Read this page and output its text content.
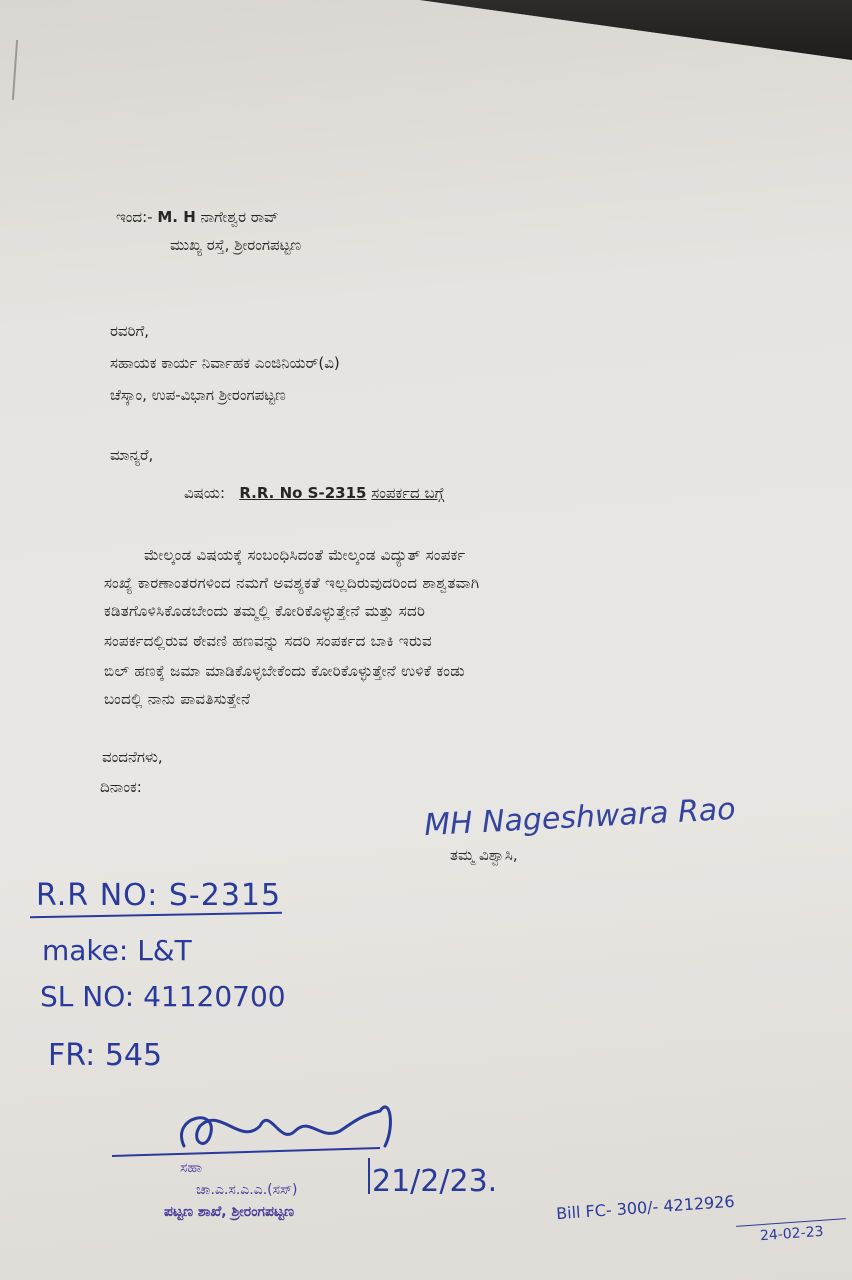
ಇಂದ:- M. H ನಾಗೇಶ್ವರ ರಾವ್
ಮುಖ್ಯ ರಸ್ತೆ, ಶ್ರೀರಂಗಪಟ್ಟಣ
ರವರಿಗೆ,
ಸಹಾಯಕ ಕಾರ್ಯ ನಿರ್ವಾಹಕ ಎಂಜಿನಿಯರ್(ವಿ)
ಚೆಸ್ಕಾಂ, ಉಪ-ವಿಭಾಗ ಶ್ರೀರಂಗಪಟ್ಟಣ
ಮಾನ್ಯರೆ,
ವಿಷಯ: R.R. No S-2315 ಸಂಪರ್ಕದ ಬಗ್ಗೆ
ಮೇಲ್ಕಂಡ ವಿಷಯಕ್ಕೆ ಸಂಬಂಧಿಸಿದಂತೆ ಮೇಲ್ಕಂಡ ವಿದ್ಯುತ್ ಸಂಪರ್ಕ
ಸಂಖ್ಯೆ ಕಾರಣಾಂತರಗಳಿಂದ ನಮಗೆ ಅವಶ್ಯಕತೆ ಇಲ್ಲದಿರುವುದರಿಂದ ಶಾಶ್ವತವಾಗಿ
ಕಡಿತಗೊಳಿಸಿಕೊಡಬೇಂದು ತಮ್ಮಲ್ಲಿ ಕೋರಿಕೊಳ್ಳುತ್ತೇನೆ ಮತ್ತು ಸದರಿ
ಸಂಪರ್ಕದಲ್ಲಿರುವ ಠೇವಣಿ ಹಣವನ್ನು ಸದರಿ ಸಂಪರ್ಕದ ಬಾಕಿ ಇರುವ
ಬಿಲ್ ಹಣಕ್ಕೆ ಜಮಾ ಮಾಡಿಕೊಳ್ಳಬೇಕೆಂದು ಕೋರಿಕೊಳ್ಳುತ್ತೇನೆ ಉಳಿಕೆ ಕಂಡು
ಬಂದಲ್ಲಿ ನಾನು ಪಾವತಿಸುತ್ತೇನೆ
ವಂದನೆಗಳು,
ದಿನಾಂಕ:
MH Nageshwara Rao
ತಮ್ಮ ವಿಶ್ವಾಸಿ,
R.R NO: S-2315
make: L&T
SL NO: 41120700
FR: 545
ಸಹಾ
ಚಾ.ಎ.ಸ.ಎ.ಎ.(ಸಸ್)
ಪಟ್ಟಣ ಶಾಖೆ, ಶ್ರೀರಂಗಪಟ್ಟಣ
21/2/23.
Bill FC- 300/- 4212926
24-02-23
